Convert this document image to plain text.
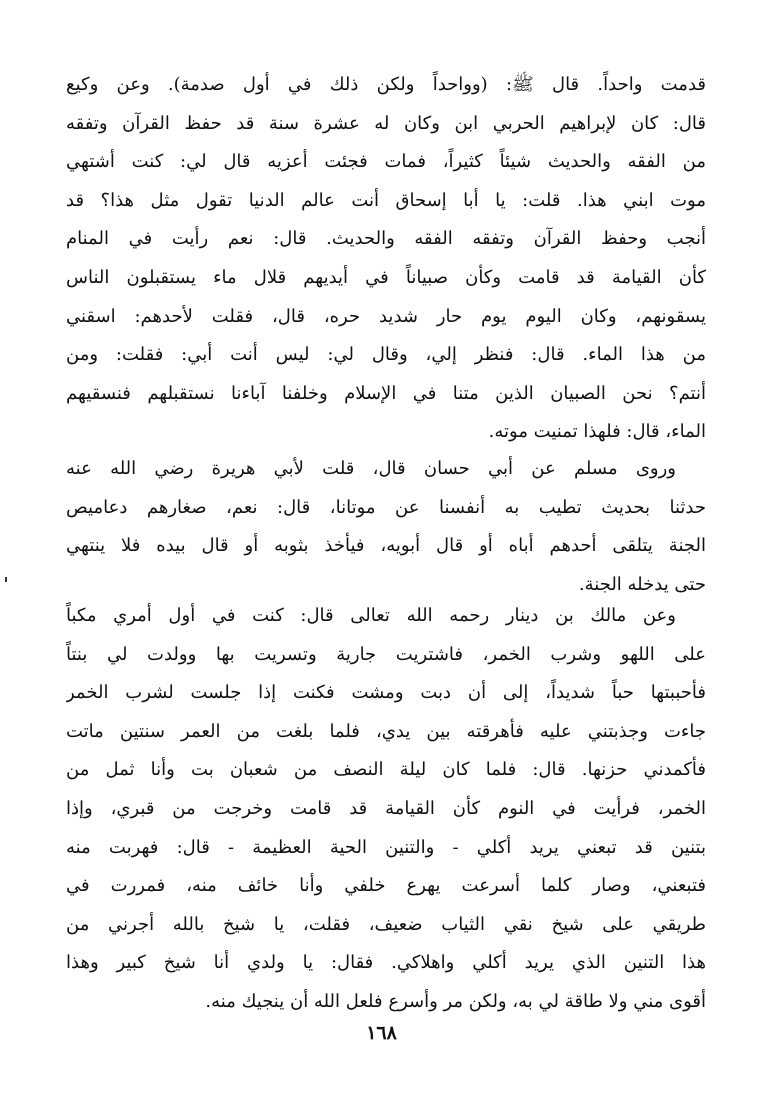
قدمت واحداً. قال ﷺ: (وواحداً ولكن ذلك في أول صدمة). وعن وكيع
قال: كان لإبراهيم الحربي ابن وكان له عشرة سنة قد حفظ القرآن وتفقه
من الفقه والحديث شيئاً كثيراً، فمات فجئت أعزيه قال لي: كنت أشتهي
موت ابني هذا. قلت: يا أبا إسحاق أنت عالم الدنيا تقول مثل هذا؟ قد
أنجب وحفظ القرآن وتفقه الفقه والحديث. قال: نعم رأيت في المنام
كأن القيامة قد قامت وكأن صبياناً في أيديهم قلال ماء يستقبلون الناس
يسقونهم، وكان اليوم يوم حار شديد حره، قال، فقلت لأحدهم: اسقني
من هذا الماء. قال: فنظر إلي، وقال لي: ليس أنت أبي: فقلت: ومن
أنتم؟ نحن الصبيان الذين متنا في الإسلام وخلفنا آباءنا نستقبلهم فنسقيهم
الماء، قال: فلهذا تمنيت موته.
وروى مسلم عن أبي حسان قال، قلت لأبي هريرة رضي الله عنه
حدثنا بحديث تطيب به أنفسنا عن موتانا، قال: نعم، صغارهم دعاميص
الجنة يتلقى أحدهم أباه أو قال أبويه، فيأخذ بثوبه أو قال بيده فلا ينتهي
حتى يدخله الجنة.
وعن مالك بن دينار رحمه الله تعالى قال: كنت في أول أمري مكباً
على اللهو وشرب الخمر، فاشتريت جارية وتسريت بها وولدت لي بنتاً
فأحببتها حباً شديداً، إلى أن دبت ومشت فكنت إذا جلست لشرب الخمر
جاءت وجذبتني عليه فأهرقته بين يدي، فلما بلغت من العمر سنتين ماتت
فأكمدني حزنها. قال: فلما كان ليلة النصف من شعبان بت وأنا ثمل من
الخمر، فرأيت في النوم كأن القيامة قد قامت وخرجت من قبري، وإذا
بتنين قد تبعني يريد أكلي - والتنين الحية العظيمة - قال: فهربت منه
فتبعني، وصار كلما أسرعت يهرع خلفي وأنا خائف منه، فمررت في
طريقي على شيخ نقي الثياب ضعيف، فقلت، يا شيخ بالله أجرني من
هذا التنين الذي يريد أكلي واهلاكي. فقال: يا ولدي أنا شيخ كبير وهذا
أقوى مني ولا طاقة لي به، ولكن مر وأسرع فلعل الله أن ينجيك منه.
١٦٨
